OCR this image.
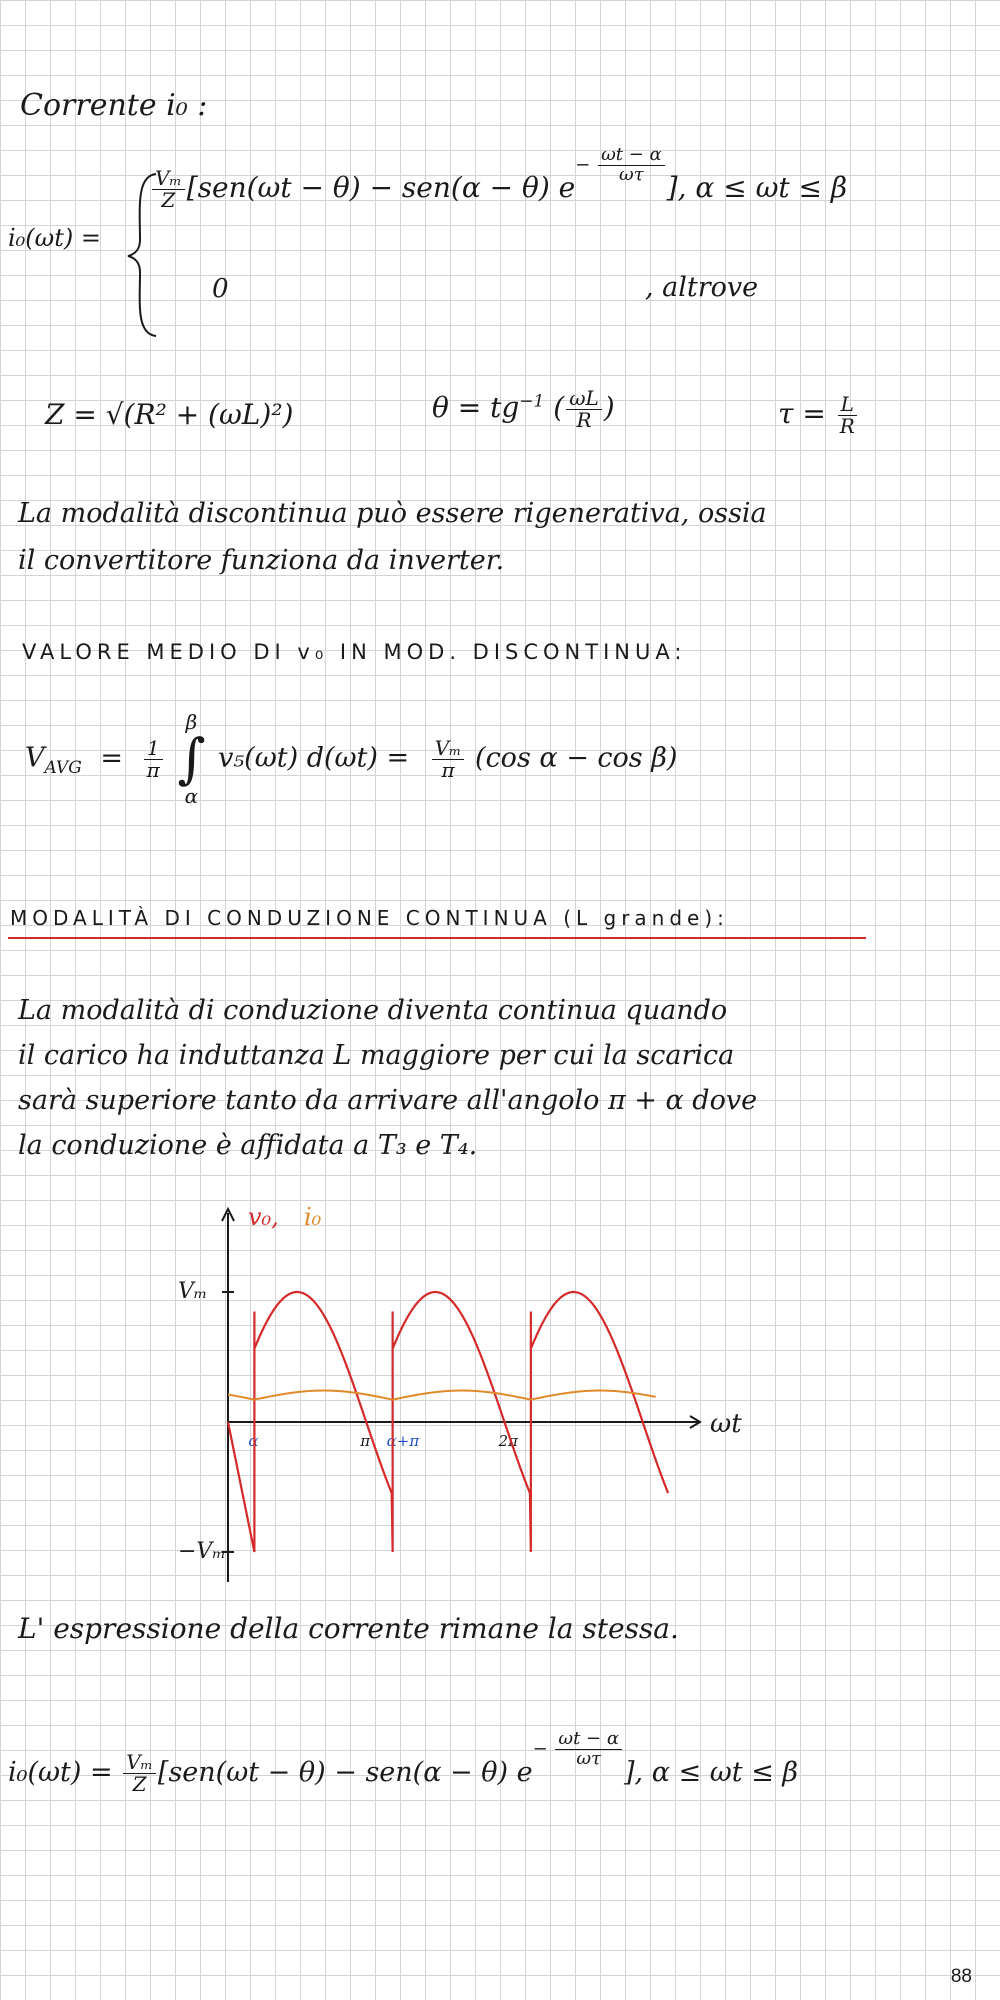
Corrente i₀ :
i₀(ωt) =
$\frac{\text{Vₘ}}{Z} [sen(\omega t - \theta) - sen(\alpha - \theta)$ $e- \frac{\omega t - \alpha}{\omega\tau}$
], α ≤ ωt ≤ β
0	, altrove
Z = √(R² + (ωL)²)	$\theta = tg^{-1}$ ( $\frac{\omega L}{R}$ )	$\tau = \frac{L}{R}$
La modalità discontinua può essere rigenerativa, ossia
il convertitore funziona da inverter.
VALORE MEDIO DI v₀ IN MOD. DISCONTINUA:
$V_{AVG} = \frac{1}{\pi}$

β
∫
α
v₅(ωt) $d(\omega t) = \frac{\text{Vₘ}}{\pi} (\cos$ α − cos β)
MODALITÀ DI CONDUZIONE CONTINUA (L grande):
La modalità di conduzione diventa continua quando
il carico ha induttanza L maggiore per cui la scarica
sarà superiore tanto da arrivare all'angolo π + α dove
la conduzione è affidata a T₃ e T₄.
v₀, i₀
ωt
Vₘ
−Vₘ
α	π α+π	2π
L' espressione della corrente rimane la stessa.
$i_0(\omega t) = \frac{\text{Vₘ}}{Z} [sen(\omega t - \theta) - sen(\alpha - \theta)$ $e- \frac{\omega t - \alpha}{\omega\tau}$
], α ≤ ωt ≤ β
88
